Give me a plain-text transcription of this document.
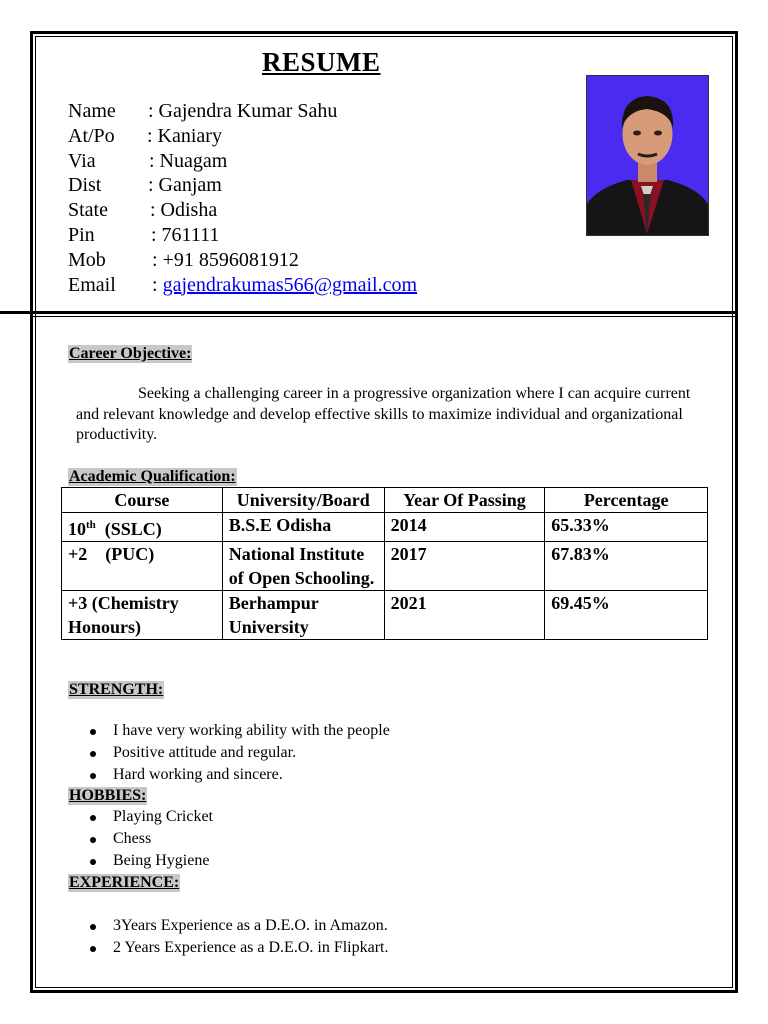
RESUME
Name : Gajendra Kumar Sahu
At/Po : Kaniary
Via	: Nuagam
Dist : Ganjam
State : Odisha
Pin	: 761111
Mob : +91 8596081912
Email : gajendrakumas566@gmail.com
Career Objective:

Seeking a challenging career in a progressive organization where I can acquire current and relevant knowledge and develop effective skills to maximize individual and organizational productivity.

Academic Qualification:
Course	University/Board	Year Of Passing	Percentage
10th  (SSLC)	B.S.E Odisha	2014	65.33%
+2    (PUC)	National Institute of Open Schooling.	2017	67.83%
+3 (Chemistry Honours)	Berhampur University	2021	69.45%
STRENGTH:
I have very working ability with the people
Positive attitude and regular.
Hard working and sincere.
HOBBIES:
Playing Cricket
Chess
Being Hygiene
EXPERIENCE:
3Years Experience as a D.E.O. in Amazon.
2 Years Experience as a D.E.O. in Flipkart.
